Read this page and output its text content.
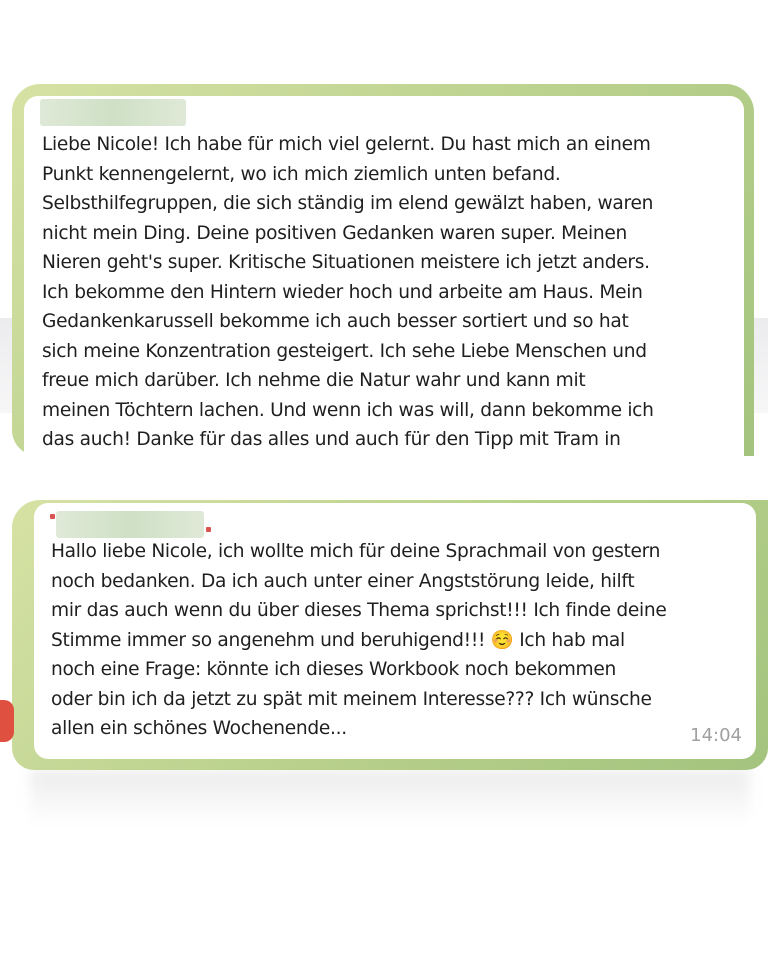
Liebe Nicole! Ich habe für mich viel gelernt. Du hast mich an einem
Punkt kennengelernt, wo ich mich ziemlich unten befand.
Selbsthilfegruppen, die sich ständig im elend gewälzt haben, waren
nicht mein Ding. Deine positiven Gedanken waren super. Meinen
Nieren geht's super. Kritische Situationen meistere ich jetzt anders.
Ich bekomme den Hintern wieder hoch und arbeite am Haus. Mein
Gedankenkarussell bekomme ich auch besser sortiert und so hat
sich meine Konzentration gesteigert. Ich sehe Liebe Menschen und
freue mich darüber. Ich nehme die Natur wahr und kann mit
meinen Töchtern lachen. Und wenn ich was will, dann bekomme ich
das auch! Danke für das alles und auch für den Tipp mit Tram in

Hallo liebe Nicole, ich wollte mich für deine Sprachmail von gestern
noch bedanken. Da ich auch unter einer Angststörung leide, hilft
mir das auch wenn du über dieses Thema sprichst!!! Ich finde deine
Stimme immer so angenehm und beruhigend!!! ☺️ Ich hab mal
noch eine Frage: könnte ich dieses Workbook noch bekommen
oder bin ich da jetzt zu spät mit meinem Interesse??? Ich wünsche
allen ein schönes Wochenende...	14:04
